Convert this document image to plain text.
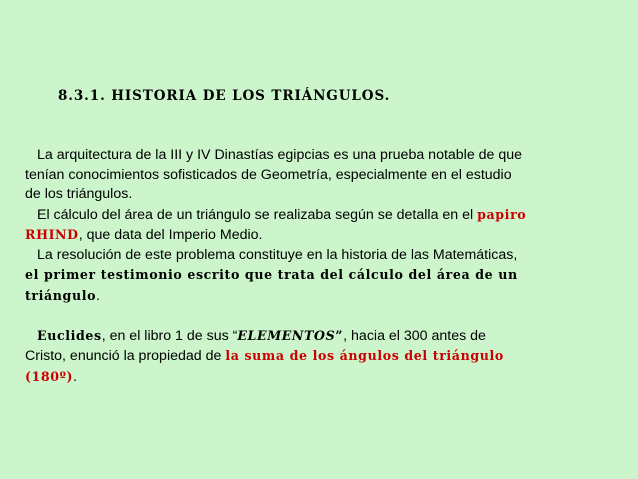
8.3.1. HISTORIA DE LOS TRIÁNGULOS.
La arquitectura de la III y IV Dinastías egipcias es una prueba notable de que
tenían conocimientos sofisticados de Geometría, especialmente en el estudio
de los triángulos.
El cálculo del área de un triángulo se realizaba según se detalla en el papiro
RHIND, que data del Imperio Medio.
La resolución de este problema constituye en la historia de las Matemáticas,
el primer testimonio escrito que trata del cálculo del área de un
triángulo.
Euclides, en el libro 1 de sus “ELEMENTOS”, hacia el 300 antes de
Cristo, enunció la propiedad de la suma de los ángulos del triángulo
(180º).
